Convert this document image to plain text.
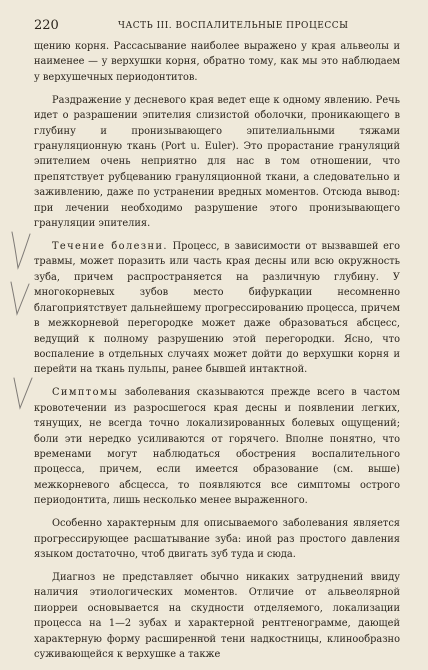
220	ЧАСТЬ III. ВОСПАЛИТЕЛЬНЫЕ ПРОЦЕССЫ

щению корня. Рассасывание наиболее выражено у края альвеолы и наименее — у верхушки корня, обратно тому, как мы это наблюдаем у верхушечных периодонтитов.

Раздражение у десневого края ведет еще к одному явлению. Речь идет о разрашении эпителия слизистой оболочки, проникающего в глубину и пронизывающего эпителиальными тяжами грануляционную ткань (Port u. Euler). Это прорастание грануляций эпителием очень неприятно для нас в том отношении, что препятствует рубцеванию грануляционной ткани, а следовательно и заживлению, даже по устранении вредных моментов. Отсюда вывод: при лечении необходимо разрушение этого пронизывающего грануляции эпителия.

Течение болезни. Процесс, в зависимости от вызвавшей его травмы, может поразить или часть края десны или всю окружность зуба, причем распространяется на различную глубину. У многокорневых зубов место бифуркации несомненно благоприятствует дальнейшему прогрессированию процесса, причем в межкорневой перегородке может даже образоваться абсцесс, ведущий к полному разрушению этой перегородки. Ясно, что воспаление в отдельных случаях может дойти до верхушки корня и перейти на ткань пульпы, ранее бывшей интактной.

Симптомы заболевания сказываются прежде всего в частом кровотечении из разросшегося края десны и появлении легких, тянущих, не всегда точно локализированных болевых ощущений; боли эти нередко усиливаются от горячего. Вполне понятно, что временами могут наблюдаться обострения воспалительного процесса, причем, если имеется образование (см. выше) межкорневого абсцесса, то появляются все симптомы острого периодонтита, лишь несколько менее выраженного.

Особенно характерным для описываемого заболевания является прогрессирующее расшатывание зуба: иной раз простого давления языком достаточно, чтоб двигать зуб туда и сюда.

Диагноз не представляет обычно никаких затруднений ввиду наличия этиологических моментов. Отличие от альвеолярной пиорреи основывается на скудности отделяемого, локализации процесса на 1—2 зубах и характерной рентгенограмме, дающей характерную форму расширенной тени надкостницы, клинообразно суживающейся к верхушке а также
